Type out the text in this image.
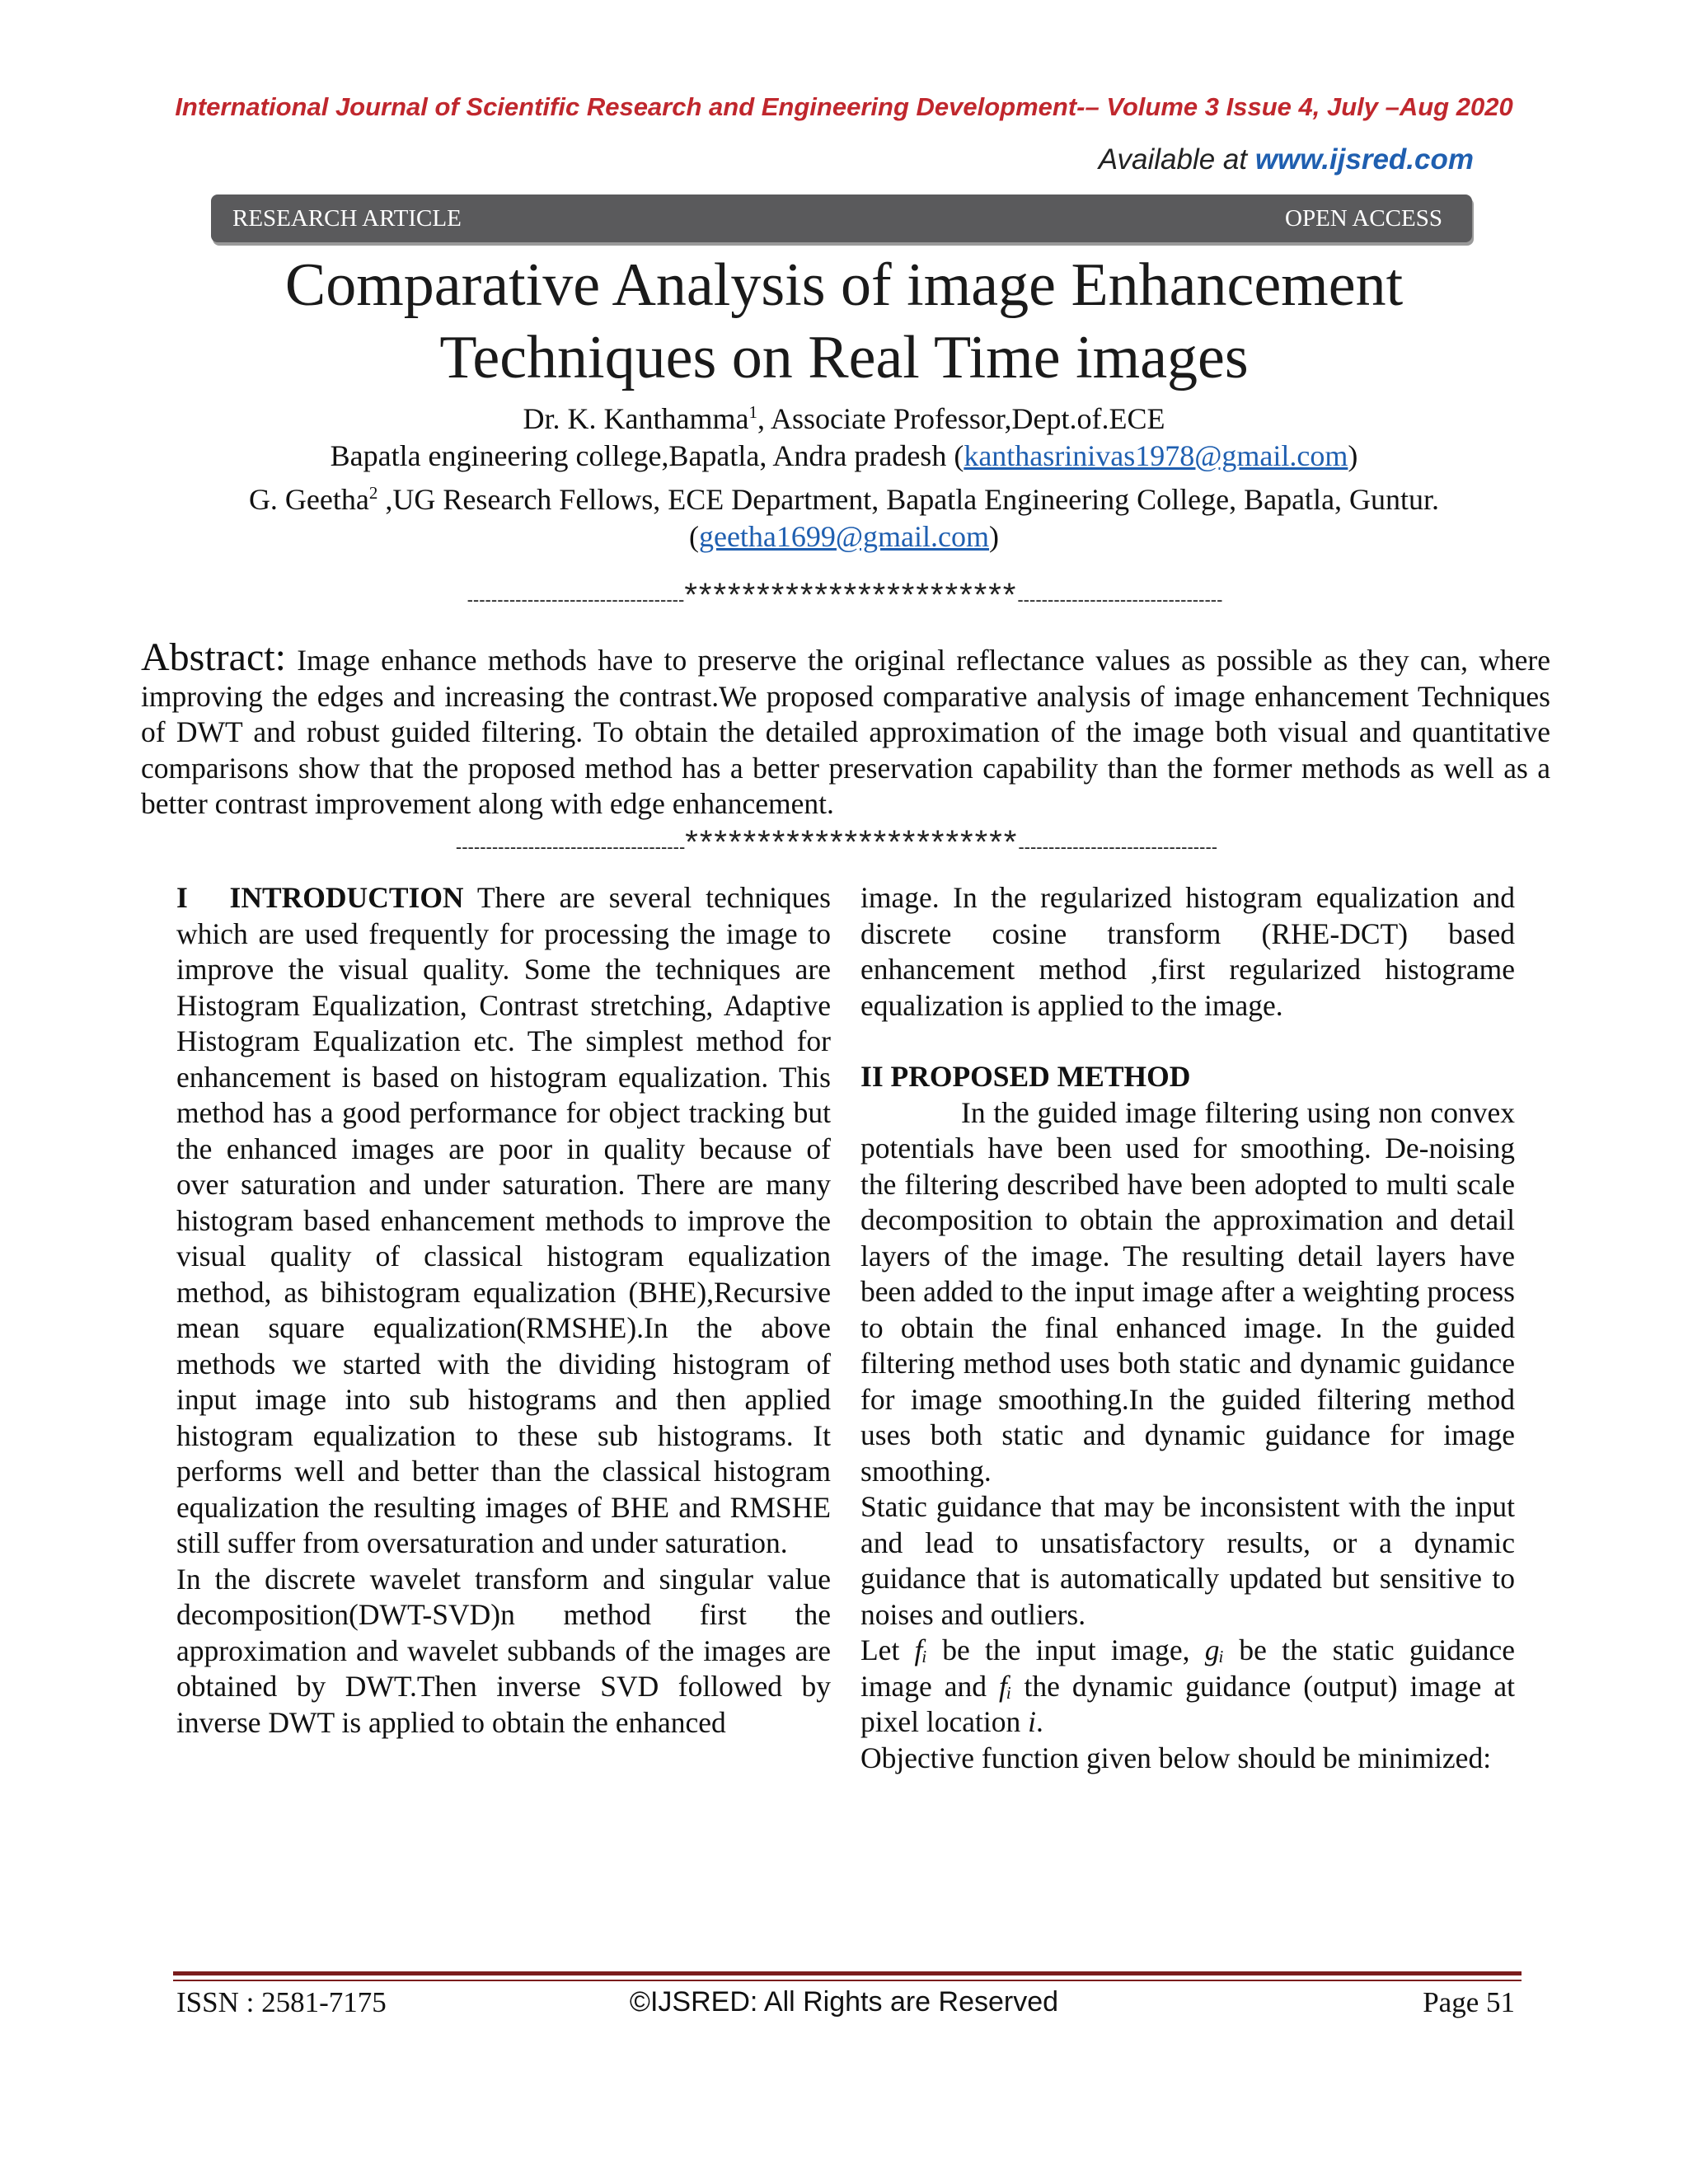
International Journal of Scientific Research and Engineering Development-– Volume 3 Issue 4, July –Aug 2020
Available at www.ijsred.com
RESEARCH ARTICLE	OPEN ACCESS
Comparative Analysis of image Enhancement
Techniques on Real Time images
Dr. K. Kanthamma$^1$, Associate Professor,Dept.of.ECE
Bapatla engineering college,Bapatla, Andra pradesh (kanthasrinivas1978@gmail.com)
G. Geetha$^2$ ,UG Research Fellows, ECE Department, Bapatla Engineering College, Bapatla, Guntur.
(geetha1699@gmail.com)
------------------------------------***********************----------------------------------
Abstract: Image enhance methods have to preserve the original reflectance values as possible as they can, where improving the edges and increasing the contrast.We proposed comparative analysis of image enhancement Techniques of DWT and robust guided filtering. To obtain the detailed approximation of the image both visual and quantitative comparisons show that the proposed method has a better preservation capability than the former methods as well as a better contrast improvement along with edge enhancement.
--------------------------------------***********************---------------------------------

I   INTRODUCTION There are several techniques which are used frequently for processing the image to improve the visual quality. Some the techniques are Histogram Equalization, Contrast stretching, Adaptive Histogram Equalization etc. The simplest method for enhancement is based on histogram equalization. This method has a good performance for object tracking but the enhanced images are poor in quality because of over saturation and under saturation. There are many histogram based enhancement methods to improve the visual quality of classical histogram equalization method, as bihistogram equalization (BHE),Recursive mean square equalization(RMSHE).In the above methods we started with the dividing histogram of input image into sub histograms and then applied histogram equalization to these sub histograms. It performs well and better than the classical histogram equalization the resulting images of BHE and RMSHE still suffer from oversaturation and under saturation.

In the discrete wavelet transform and singular value decomposition(DWT-SVD)n method first the approximation and wavelet subbands of the images are obtained by DWT.Then inverse SVD followed by inverse DWT is applied to obtain the enhanced

image. In the regularized histogram equalization and discrete cosine transform (RHE-DCT) based enhancement method ,first regularized histograme equalization is applied to the image.

II PROPOSED METHOD

In the guided image filtering using non convex potentials have been used for smoothing. De-noising the filtering described have been adopted to multi scale decomposition to obtain the approximation and detail layers of the image. The resulting detail layers have been added to the input image after a weighting process to obtain the final enhanced image. In the guided filtering method uses both static and dynamic guidance for image smoothing.In the guided filtering method uses both static and dynamic guidance for image smoothing.

Static guidance that may be inconsistent with the input and lead to unsatisfactory results, or a dynamic guidance that is automatically updated but sensitive to noises and outliers.

Let fᵢ be the input image, gᵢ be the static guidance image and fᵢ the dynamic guidance (output) image at pixel location i.

Objective function given below should be minimized:

ISSN : 2581-7175	©IJSRED: All Rights are Reserved	Page 51
